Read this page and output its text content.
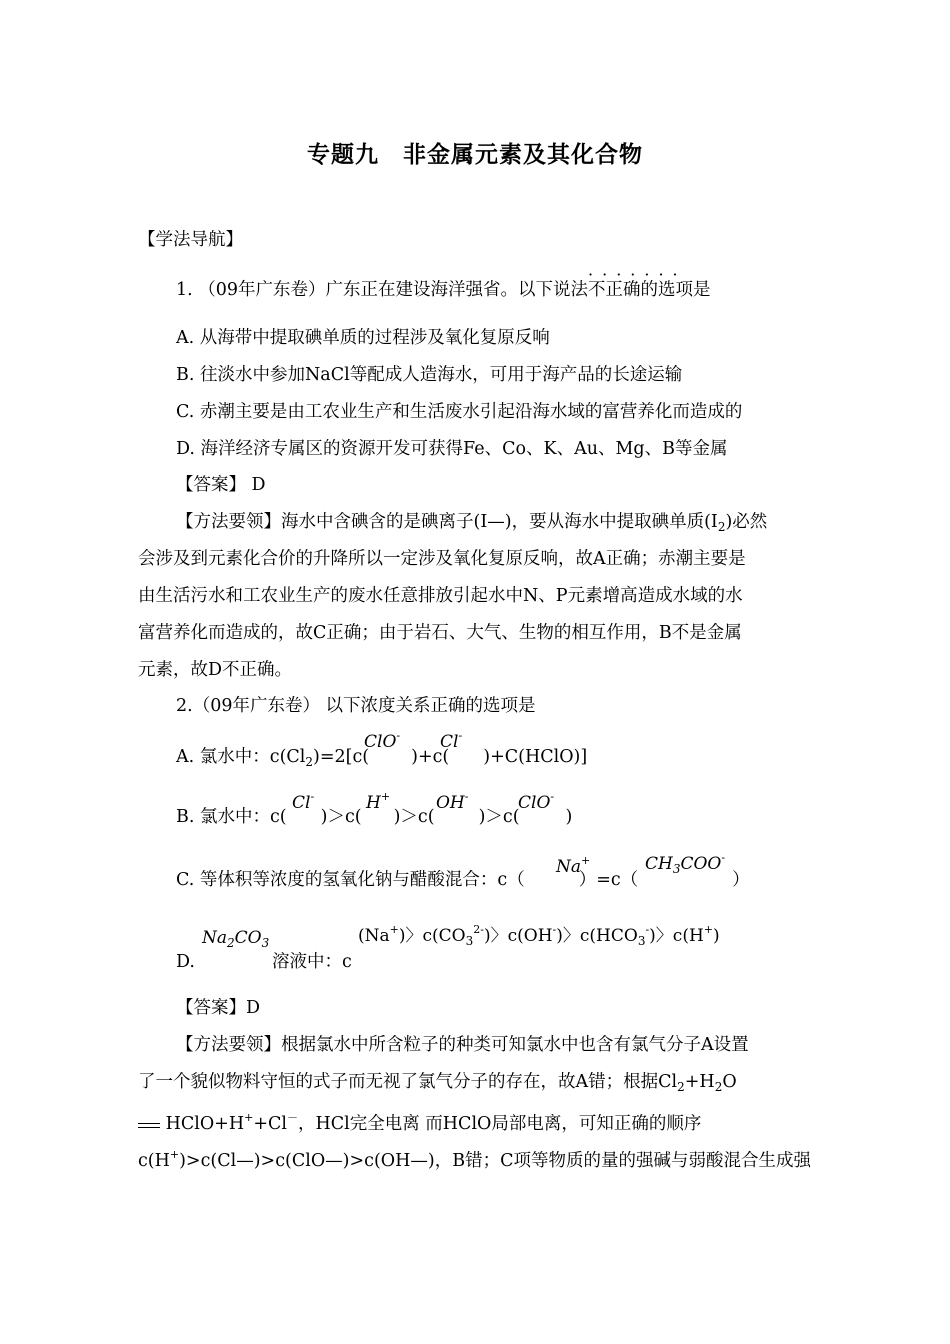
专题九　非金属元素及其化合物
【学法导航】
1. （09年广东卷）广东正在建设海洋强省。以下说法
·······
不正确的选项是
A. 从海带中提取碘单质的过程涉及氧化复原反响
B. 往淡水中参加NaCl等配成人造海水，可用于海产品的长途运输
C. 赤潮主要是由工农业生产和生活废水引起沿海水域的富营养化而造成的
D. 海洋经济专属区的资源开发可获得Fe、Co、K、Au、Mg、B等金属
【答案】 D
【方法要领】海水中含碘含的是碘离子(I—)，要从海水中提取碘单质$(I_2)$必然
会涉及到元素化合价的升降所以一定涉及氧化复原反响，故A正确；赤潮主要是
由生活污水和工农业生产的废水任意排放引起水中N、P元素增高造成水域的水
富营养化而造成的，故C正确；由于岩石、大气、生物的相互作用，B不是金属
元素，故D不正确。
2.（09年广东卷） 以下浓度关系正确的选项是
A. 氯水中：$c(Cl_2)=2[c$( )+c( )+C(HClO)]
ClO- Cl-
B. 氯水中：c( )＞c( )＞c(	)＞c(	)
Cl-	H+	OH-	ClO-
C. 等体积等浓度的氢氧化钠与醋酸混合：c（	）=c（	）
Na+	$CH_3COO^-$
$Na_2CO_3$
D.	溶液中：c
(Na+)〉$c(CO_3^{2-})$〉c(OH-)〉$c(HCO_3^-)$〉c(H+)
【答案】D
【方法要领】根据氯水中所含粒子的种类可知氯水中也含有氯气分子A设置
了一个貌似物料守恒的式子而无视了氯气分子的存在，故A错；根据$Cl_2+H_2O$
HClO+H++Cl－，HCl完全电离 而HClO局部电离，可知正确的顺序
c(H+)>c(Cl—)>c(ClO—)>c(OH—)，B错；C项等物质的量的强碱与弱酸混合生成强
